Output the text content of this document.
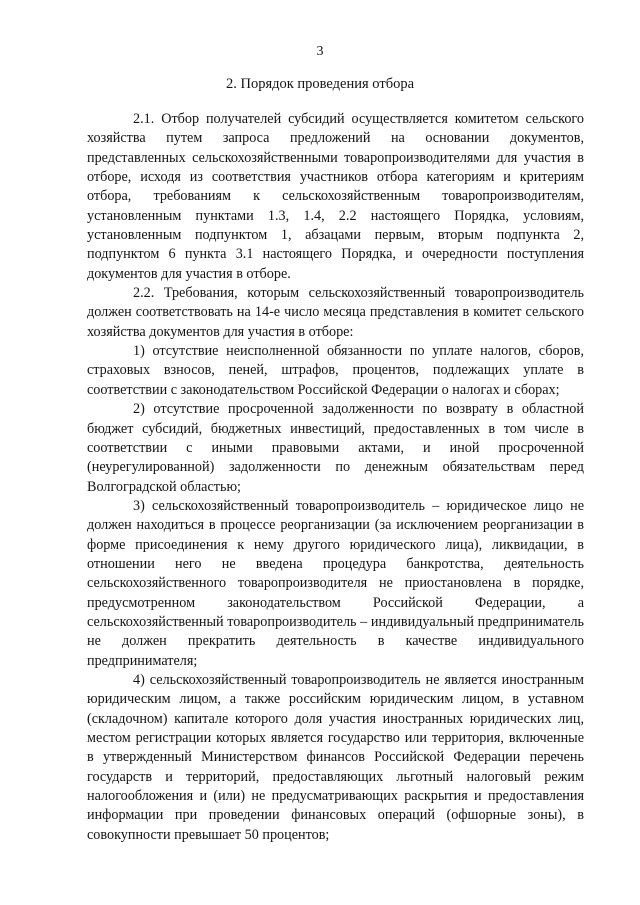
3
2. Порядок проведения отбора

2.1. Отбор получателей субсидий осуществляется комитетом сельского хозяйства путем запроса предложений на основании документов, представленных сельскохозяйственными товаропроизводителями для участия в отборе, исходя из соответствия участников отбора категориям и критериям отбора, требованиям к сельскохозяйственным товаропроизводителям, установленным пунктами 1.3, 1.4, 2.2 настоящего Порядка, условиям, установленным подпунктом 1, абзацами первым, вторым подпункта 2, подпунктом 6 пункта 3.1 настоящего Порядка, и очередности поступления документов для участия в отборе.

2.2. Требования, которым сельскохозяйственный товаропроизводитель должен соответствовать на 14-е число месяца представления в комитет сельского хозяйства документов для участия в отборе:

1) отсутствие неисполненной обязанности по уплате налогов, сборов, страховых взносов, пеней, штрафов, процентов, подлежащих уплате в соответствии с законодательством Российской Федерации о налогах и сборах;

2) отсутствие просроченной задолженности по возврату в областной бюджет субсидий, бюджетных инвестиций, предоставленных в том числе в соответствии с иными правовыми актами, и иной просроченной (неурегулированной) задолженности по денежным обязательствам перед Волгоградской областью;

3) сельскохозяйственный товаропроизводитель – юридическое лицо не должен находиться в процессе реорганизации (за исключением реорганизации в форме присоединения к нему другого юридического лица), ликвидации, в отношении него не введена процедура банкротства, деятельность сельскохозяйственного товаропроизводителя не приостановлена в порядке, предусмотренном законодательством Российской Федерации, а сельскохозяйственный товаропроизводитель – индивидуальный предприниматель не должен прекратить деятельность в качестве индивидуального предпринимателя;

4) сельскохозяйственный товаропроизводитель не является иностранным юридическим лицом, а также российским юридическим лицом, в уставном (складочном) капитале которого доля участия иностранных юридических лиц, местом регистрации которых является государство или территория, включенные в утвержденный Министерством финансов Российской Федерации перечень государств и территорий, предоставляющих льготный налоговый режим налогообложения и (или) не предусматривающих раскрытия и предоставления информации при проведении финансовых операций (офшорные зоны), в совокупности превышает 50 процентов;
